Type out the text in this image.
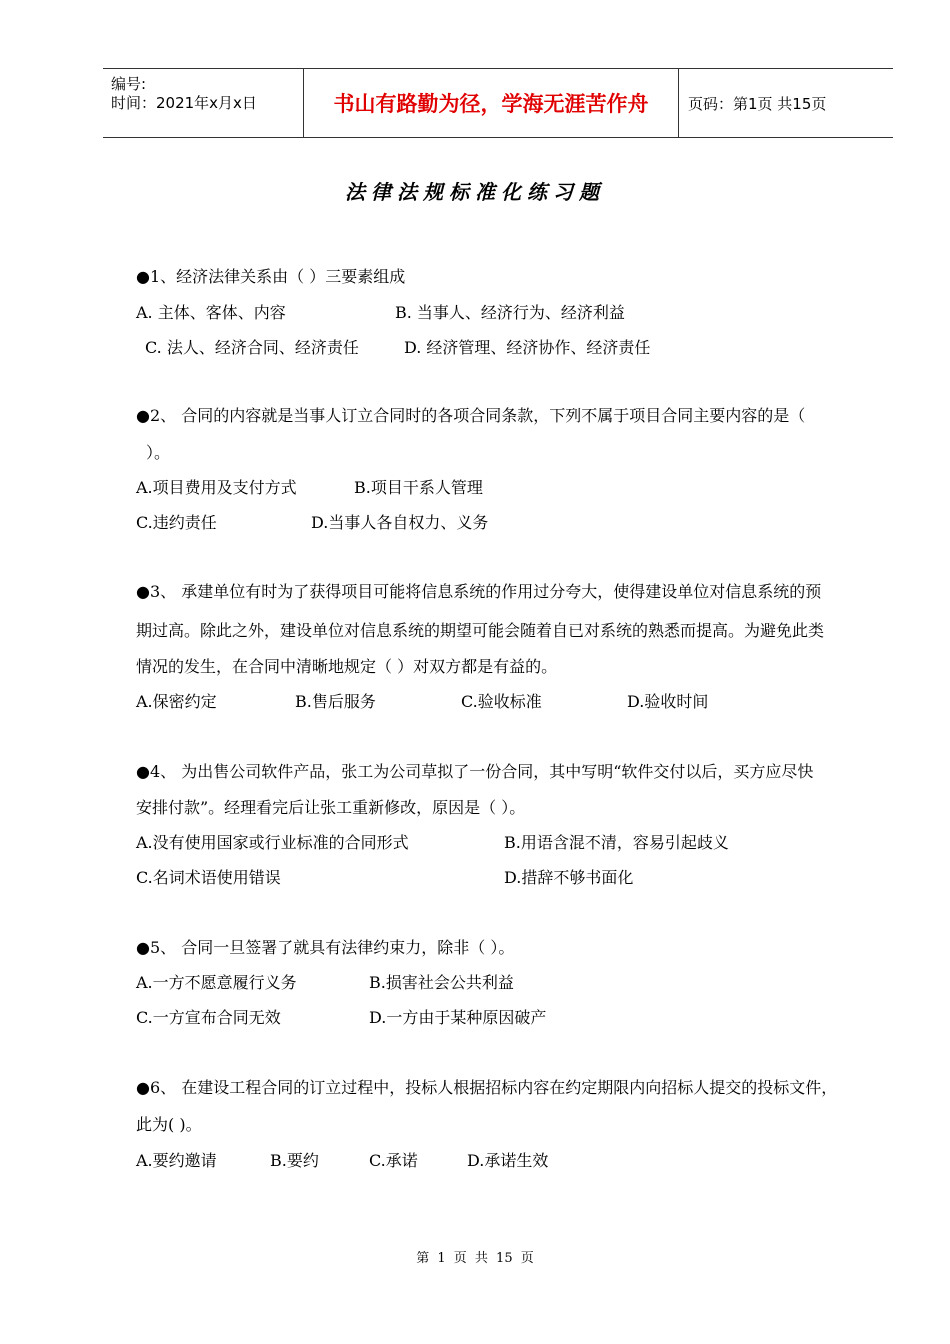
编号:
时间：2021年x月x日	书山有路勤为径，学海无涯苦作舟	页码：第1页 共15页
法律法规标准化练习题
●1、经济法律关系由（ ）三要素组成
A. 主体、客体、内容	B. 当事人、经济行为、经济利益
C. 法人、经济合同、经济责任	D. 经济管理、经济协作、经济责任
●2、 合同的内容就是当事人订立合同时的各项合同条款，下列不属于项目合同主要内容的是（
）。
A.项目费用及支付方式	B.项目干系人管理
C.违约责任	D.当事人各自权力、义务
●3、 承建单位有时为了获得项目可能将信息系统的作用过分夸大，使得建设单位对信息系统的预
期过高。除此之外，建设单位对信息系统的期望可能会随着自已对系统的熟悉而提高。为避免此类
情况的发生，在合同中清晰地规定（ ）对双方都是有益的。
A.保密约定	B.售后服务	C.验收标准	D.验收时间
●4、 为出售公司软件产品，张工为公司草拟了一份合同，其中写明“软件交付以后，买方应尽快
安排付款”。经理看完后让张工重新修改，原因是（ ）。
A.没有使用国家或行业标准的合同形式	B.用语含混不清，容易引起歧义
C.名词术语使用错误	D.措辞不够书面化
●5、 合同一旦签署了就具有法律约束力，除非（ ）。
A.一方不愿意履行义务	B.损害社会公共利益
C.一方宣布合同无效	D.一方由于某种原因破产
●6、 在建设工程合同的订立过程中，投标人根据招标内容在约定期限内向招标人提交的投标文件，
此为( )。
A.要约邀请	B.要约	C.承诺	D.承诺生效
第 1 页 共 15 页
